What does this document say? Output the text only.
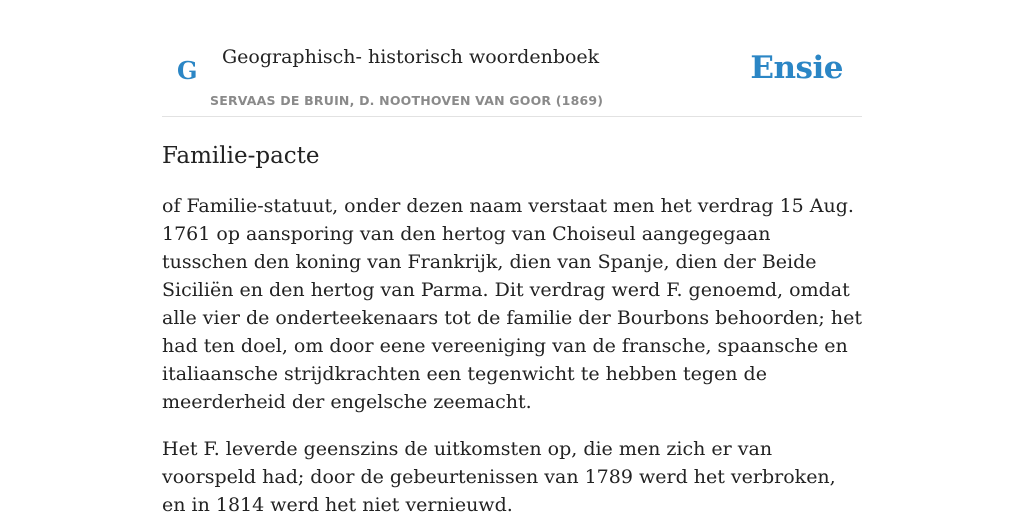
G Geographisch- historisch woordenboek
SERVAAS DE BRUIN, D. NOOTHOVEN VAN GOOR (1869)
Ensie
Familie-pacte

of Familie-statuut, onder dezen naam verstaat men het verdrag 15 Aug. 1761 op aansporing van den hertog van Choiseul aangegegaan tusschen den koning van Frankrijk, dien van Spanje, dien der Beide Siciliën en den hertog van Parma. Dit verdrag werd F. genoemd, omdat alle vier de onderteekenaars tot de familie der Bourbons behoorden; het had ten doel, om door eene vereeniging van de fransche, spaansche en italiaansche strijdkrachten een tegenwicht te hebben tegen de meerderheid der engelsche zeemacht.

Het F. leverde geenszins de uitkomsten op, die men zich er van voorspeld had; door de gebeurtenissen van 1789 werd het verbroken, en in 1814 werd het niet vernieuwd.
